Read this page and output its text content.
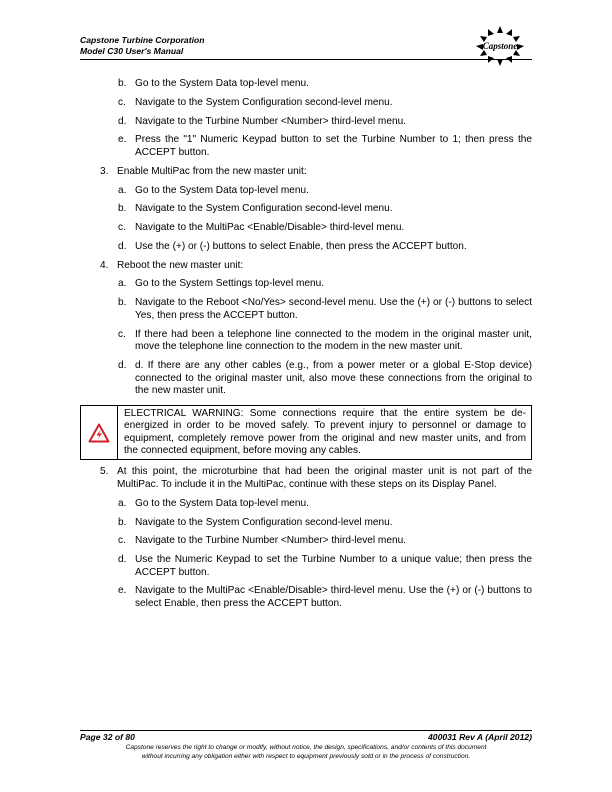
Capstone Turbine Corporation
Model C30 User's Manual	Capstone
b. Go to the System Data top-level menu.
c. Navigate to the System Configuration second-level menu.
d. Navigate to the Turbine Number <Number> third-level menu.
e. Press the "1" Numeric Keypad button to set the Turbine Number to 1; then press the ACCEPT button.
3. Enable MultiPac from the new master unit:
a. Go to the System Data top-level menu.
b. Navigate to the System Configuration second-level menu.
c. Navigate to the MultiPac <Enable/Disable> third-level menu.
d. Use the (+) or (-) buttons to select Enable, then press the ACCEPT button.
4. Reboot the new master unit:
a. Go to the System Settings top-level menu.
b. Navigate to the Reboot <No/Yes> second-level menu. Use the (+) or (-) buttons to select Yes, then press the ACCEPT button.
c. If there had been a telephone line connected to the modem in the original master unit, move the telephone line connection to the modem in the new master unit.
d. d. If there are any other cables (e.g., from a power meter or a global E-Stop device) connected to the original master unit, also move these connections from the original to the new master unit.
ELECTRICAL WARNING: Some connections require that the entire system be de-energized in order to be moved safely. To prevent injury to personnel or damage to equipment, completely remove power from the original and new master units, and from the connected equipment, before moving any cables.
5. At this point, the microturbine that had been the original master unit is not part of the MultiPac. To include it in the MultiPac, continue with these steps on its Display Panel.
a. Go to the System Data top-level menu.
b. Navigate to the System Configuration second-level menu.
c. Navigate to the Turbine Number <Number> third-level menu.
d. Use the Numeric Keypad to set the Turbine Number to a unique value; then press the ACCEPT button.
e. Navigate to the MultiPac <Enable/Disable> third-level menu. Use the (+) or (-) buttons to select Enable, then press the ACCEPT button.
Page 32 of 80	400031 Rev A (April 2012)
Capstone reserves the right to change or modify, without notice, the design, specifications, and/or contents of this document
without incurring any obligation either with respect to equipment previously sold or in the process of construction.
